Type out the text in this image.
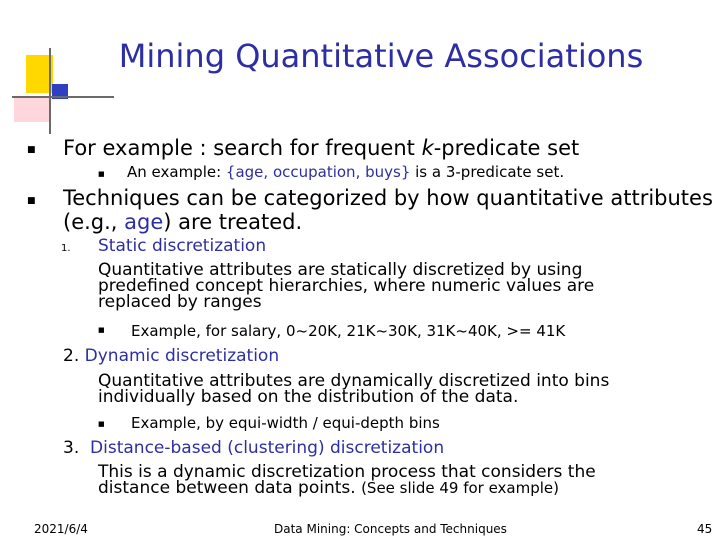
Mining Quantitative Associations
■ For example : search for frequent k-predicate set
■ An example: {age, occupation, buys} is a 3-predicate set.
■ Techniques can be categorized by how quantitative attributes
(e.g., age) are treated.
1. Static discretization
Quantitative attributes are statically discretized by using
predefined concept hierarchies, where numeric values are
replaced by ranges
■ Example, for salary, 0~20K, 21K~30K, 31K~40K, >= 41K
2. Dynamic discretization
Quantitative attributes are dynamically discretized into bins
individually based on the distribution of the data.
■ Example, by equi-width / equi-depth bins
3. Distance-based (clustering) discretization
This is a dynamic discretization process that considers the
distance between data points. (See slide 49 for example)
2021/6/4	Data Mining: Concepts and Techniques	45
